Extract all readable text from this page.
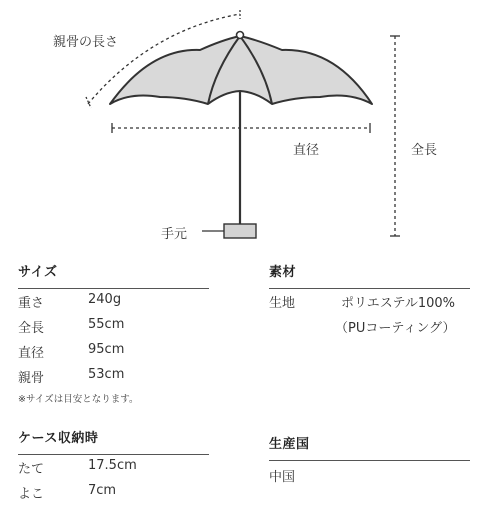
親骨の長さ
直径	全長
手元
サイズ
重さ	240g
全長	55cm
直径	95cm
親骨	53cm
※サイズは目安となります。
ケース収納時
たて	17.5cm
よこ	7cm
素材
生地	ポリエステル100%
（PUコーティング）
生産国
中国
